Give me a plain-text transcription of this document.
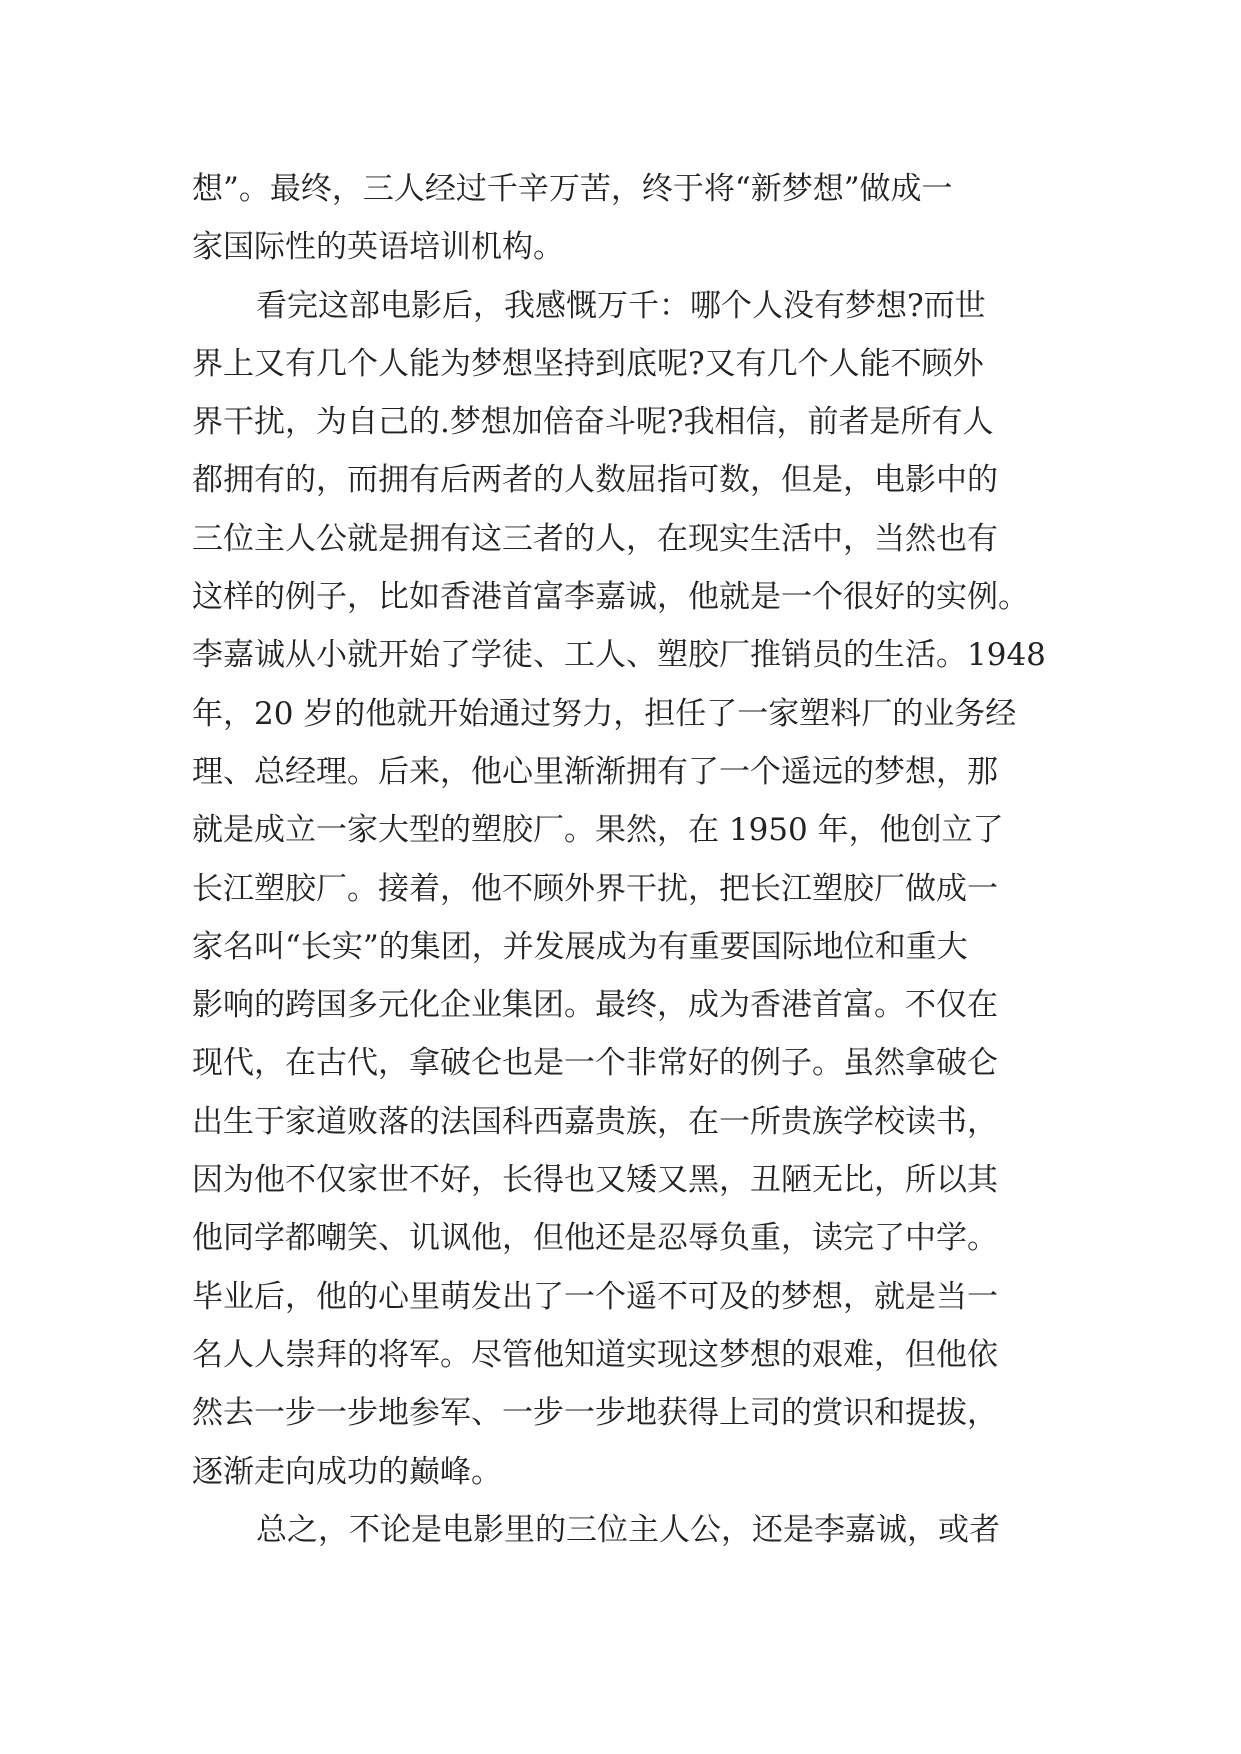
想”。最终，三人经过千辛万苦，终于将“新梦想”做成一
家国际性的英语培训机构。
看完这部电影后，我感慨万千：哪个人没有梦想?而世
界上又有几个人能为梦想坚持到底呢?又有几个人能不顾外
界干扰，为自己的.梦想加倍奋斗呢?我相信，前者是所有人
都拥有的，而拥有后两者的人数屈指可数，但是，电影中的
三位主人公就是拥有这三者的人，在现实生活中，当然也有
这样的例子，比如香港首富李嘉诚，他就是一个很好的实例。
李嘉诚从小就开始了学徒、工人、塑胶厂推销员的生活。1948
年，20 岁的他就开始通过努力，担任了一家塑料厂的业务经
理、总经理。后来，他心里渐渐拥有了一个遥远的梦想，那
就是成立一家大型的塑胶厂。果然，在 1950 年，他创立了
长江塑胶厂。接着，他不顾外界干扰，把长江塑胶厂做成一
家名叫“长实”的集团，并发展成为有重要国际地位和重大
影响的跨国多元化企业集团。最终，成为香港首富。不仅在
现代，在古代，拿破仑也是一个非常好的例子。虽然拿破仑
出生于家道败落的法国科西嘉贵族，在一所贵族学校读书，
因为他不仅家世不好，长得也又矮又黑，丑陋无比，所以其
他同学都嘲笑、讥讽他，但他还是忍辱负重，读完了中学。
毕业后，他的心里萌发出了一个遥不可及的梦想，就是当一
名人人崇拜的将军。尽管他知道实现这梦想的艰难，但他依
然去一步一步地参军、一步一步地获得上司的赏识和提拔，
逐渐走向成功的巅峰。
总之，不论是电影里的三位主人公，还是李嘉诚，或者
